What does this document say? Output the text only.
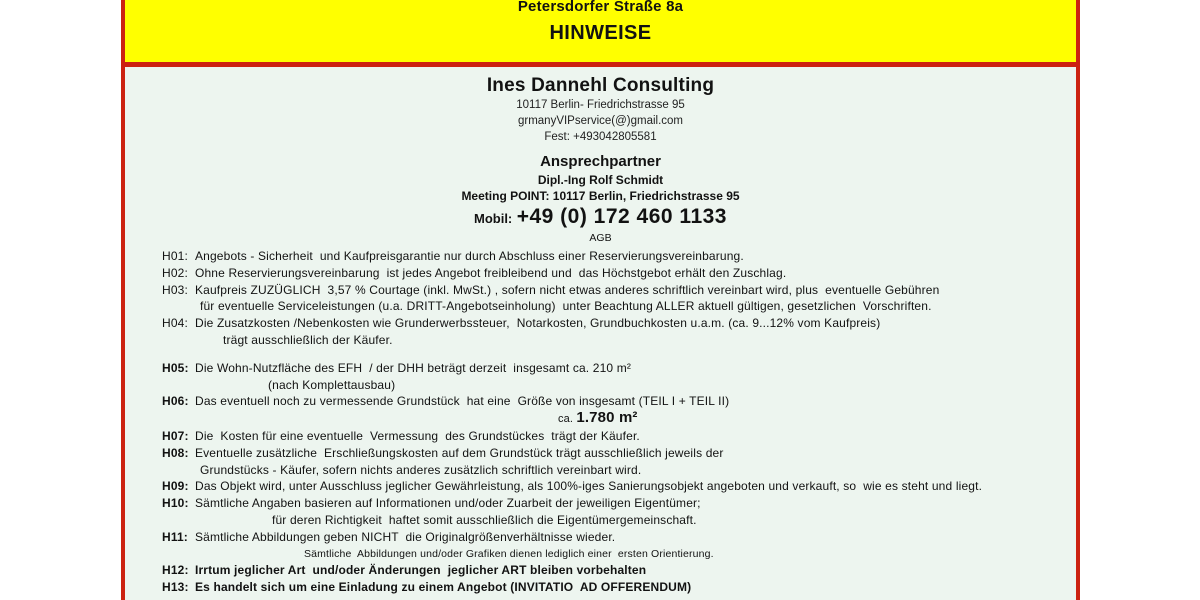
Petersdorfer Straße 8a
HINWEISE
Ines Dannehl Consulting
10117 Berlin- Friedrichstrasse 95
grmanyVIPservice(@)gmail.com
Fest: +493042805581
Ansprechpartner
Dipl.-Ing Rolf Schmidt
Meeting POINT: 10117 Berlin, Friedrichstrasse 95
Mobil: +49 (0) 172 460 1133
AGB
H01: Angebots - Sicherheit  und Kaufpreisgarantie nur durch Abschluss einer Reservierungsvereinbarung.
H02: Ohne Reservierungsvereinbarung  ist jedes Angebot freibleibend und  das Höchstgebot erhält den Zuschlag.
H03: Kaufpreis ZUZÜGLICH  3,57 % Courtage (inkl. MwSt.) , sofern nicht etwas anderes schriftlich vereinbart wird, plus  eventuelle Gebühren
für eventuelle Serviceleistungen (u.a. DRITT-Angebotseinholung)  unter Beachtung ALLER aktuell gültigen, gesetzlichen  Vorschriften.
H04: Die Zusatzkosten /Nebenkosten wie Grunderwerbssteuer,  Notarkosten, Grundbuchkosten u.a.m. (ca. 9...12% vom Kaufpreis)
trägt ausschließlich der Käufer.
H05: Die Wohn-Nutzfläche des EFH  / der DHH beträgt derzeit  insgesamt ca. 210 m²
(nach Komplettausbau)
H06: Das eventuell noch zu vermessende Grundstück  hat eine  Größe von insgesamt (TEIL I + TEIL II)
ca. 1.780 m²
H07: Die  Kosten für eine eventuelle  Vermessung  des Grundstückes  trägt der Käufer.
H08: Eventuelle zusätzliche  Erschließungskosten auf dem Grundstück trägt ausschließlich jeweils der
Grundstücks - Käufer, sofern nichts anderes zusätzlich schriftlich vereinbart wird.
H09: Das Objekt wird, unter Ausschluss jeglicher Gewährleistung, als 100%-iges Sanierungsobjekt angeboten und verkauft, so  wie es steht und liegt.
H10: Sämtliche Angaben basieren auf Informationen und/oder Zuarbeit der jeweiligen Eigentümer;
für deren Richtigkeit  haftet somit ausschließlich die Eigentümergemeinschaft.
H11: Sämtliche Abbildungen geben NICHT  die Originalgrößenverhältnisse wieder.
Sämtliche  Abbildungen und/oder Grafiken dienen lediglich einer  ersten Orientierung.
H12: Irrtum jeglicher Art  und/oder Änderungen  jeglicher ART bleiben vorbehalten
H13: Es handelt sich um eine Einladung zu einem Angebot (INVITATIO  AD OFFERENDUM)
